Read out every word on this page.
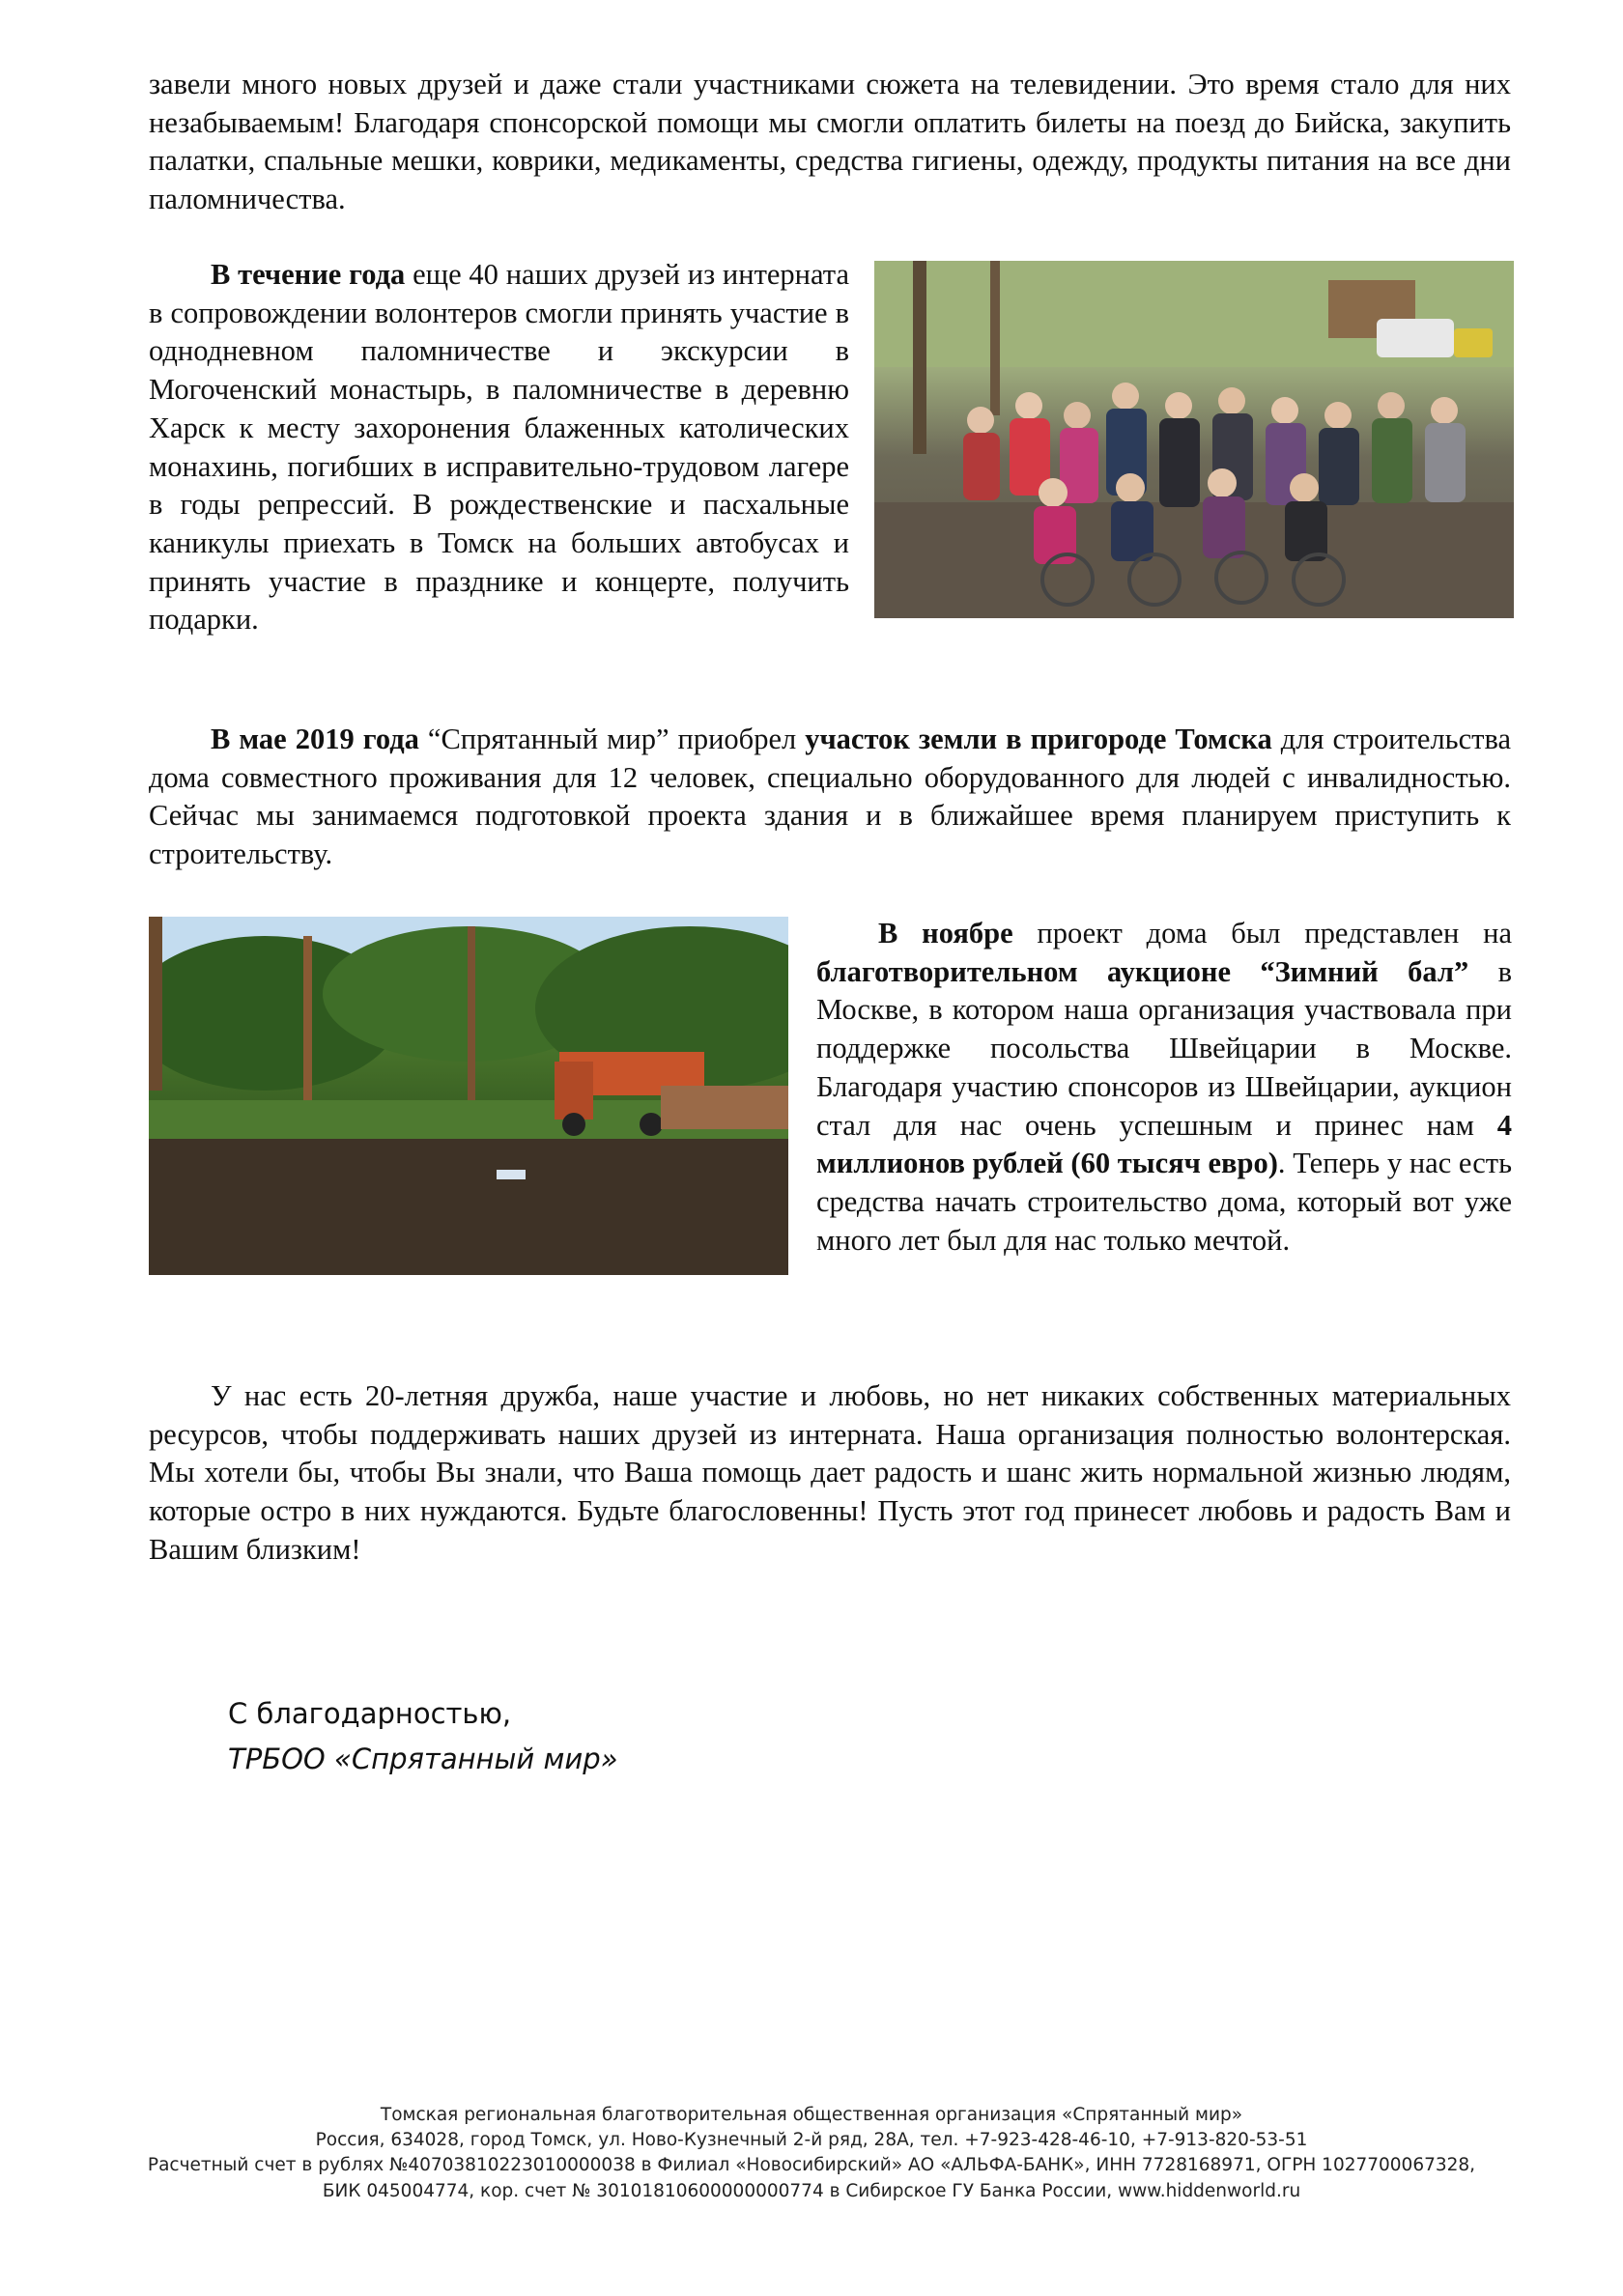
завели много новых друзей и даже стали участниками сюжета на телевидении. Это время стало для них незабываемым! Благодаря спонсорской помощи мы смогли оплатить билеты на поезд до Бийска, закупить палатки, спальные мешки, коврики, медикаменты, средства гигиены, одежду, продукты питания на все дни паломничества.

В течение года еще 40 наших друзей из интерната в сопровождении волонтеров смогли принять участие в однодневном паломничестве и экскурсии в Могоченский монастырь, в паломничестве в деревню Харск к месту захоронения блаженных католических монахинь, погибших в исправительно-трудовом лагере в годы репрессий. В рождественские и пасхальные каникулы приехать в Томск на больших автобусах и принять участие в празднике и концерте, получить подарки.

В мае 2019 года “Спрятанный мир” приобрел участок земли в пригороде Томска для строительства дома совместного проживания для 12 человек, специально оборудованного для людей с инвалидностью. Сейчас мы занимаемся подготовкой проекта здания и в ближайшее время планируем приступить к строительству.

В ноябре проект дома был представлен на благотворительном аукционе “Зимний бал” в Москве, в котором наша организация участвовала при поддержке посольства Швейцарии в Москве. Благодаря участию спонсоров из Швейцарии, аукцион стал для нас очень успешным и принес нам 4 миллионов рублей (60 тысяч евро). Теперь у нас есть средства начать строительство дома, который вот уже много лет был для нас только мечтой.

У нас есть 20-летняя дружба, наше участие и любовь, но нет никаких собственных материальных ресурсов, чтобы поддерживать наших друзей из интерната. Наша организация полностью волонтерская. Мы хотели бы, чтобы Вы знали, что Ваша помощь дает радость и шанс жить нормальной жизнью людям, которые остро в них нуждаются. Будьте благословенны! Пусть этот год принесет любовь и радость Вам и Вашим близким!

С благодарностью,

ТРБОО «Спрятанный мир»

Томская региональная благотворительная общественная организация «Спрятанный мир»

Россия, 634028, город Томск, ул. Ново-Кузнечный 2-й ряд, 28А, тел. +7-923-428-46-10, +7-913-820-53-51

Расчетный счет в рублях №40703810223010000038 в Филиал «Новосибирский» АО «АЛЬФА-БАНК», ИНН 7728168971, ОГРН 1027700067328,

БИК 045004774, кор. счет № 30101810600000000774 в Сибирское ГУ Банка России, www.hiddenworld.ru
